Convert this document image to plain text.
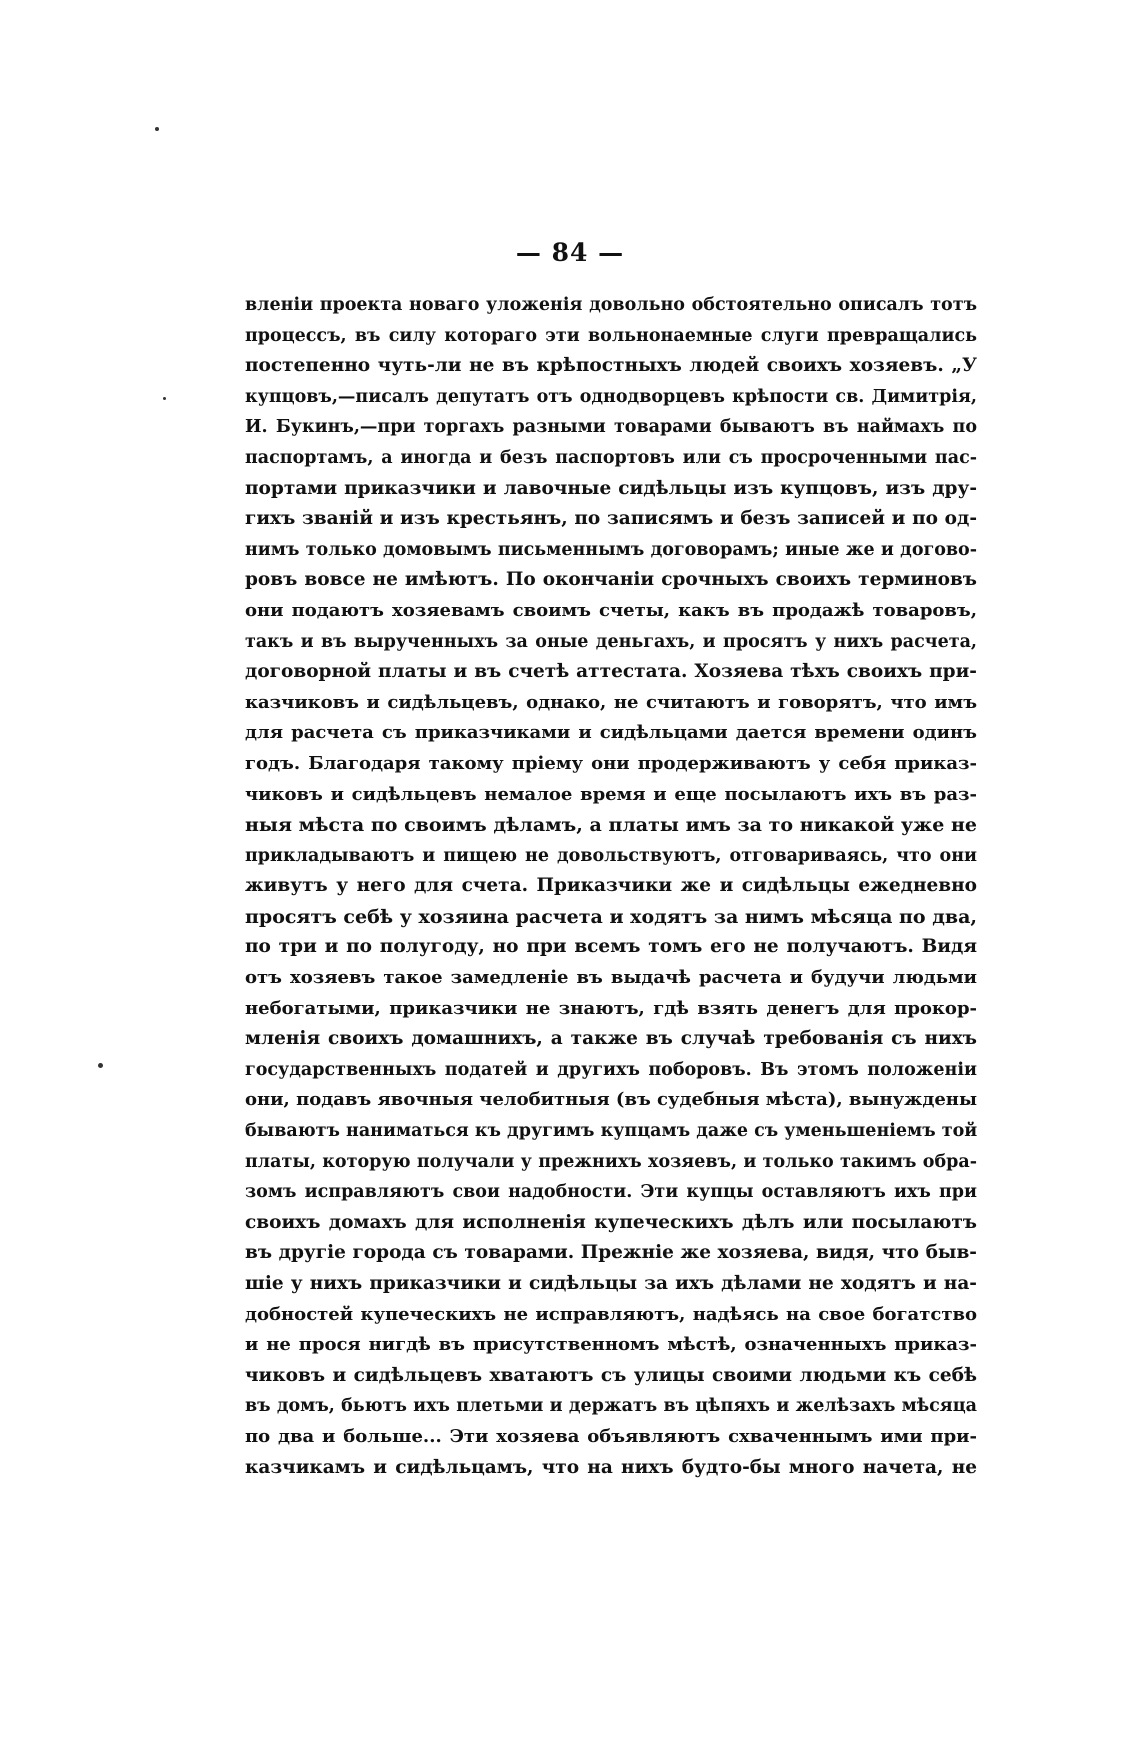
— 84 —
вленіи проекта новаго уложенія довольно обстоятельно описалъ тотъ
процессъ, въ силу котораго эти вольнонаемные слуги превращались
постепенно чуть-ли не въ крѣпостныхъ людей своихъ хозяевъ. „У
купцовъ,—писалъ депутатъ отъ однодворцевъ крѣпости св. Димитрія,
И. Букинъ,—при торгахъ разными товарами бываютъ въ наймахъ по
паспортамъ, а иногда и безъ паспортовъ или съ просроченными пас-
портами приказчики и лавочные сидѣльцы изъ купцовъ, изъ дру-
гихъ званій и изъ крестьянъ, по записямъ и безъ записей и по од-
нимъ только домовымъ письменнымъ договорамъ; иные же и догово-
ровъ вовсе не имѣютъ. По окончаніи срочныхъ своихъ терминовъ
они подаютъ хозяевамъ своимъ счеты, какъ въ продажѣ товаровъ,
такъ и въ вырученныхъ за оные деньгахъ, и просятъ у нихъ расчета,
договорной платы и въ счетѣ аттестата. Хозяева тѣхъ своихъ при-
казчиковъ и сидѣльцевъ, однако, не считаютъ и говорятъ, что имъ
для расчета съ приказчиками и сидѣльцами дается времени одинъ
годъ. Благодаря такому пріему они продерживаютъ у себя приказ-
чиковъ и сидѣльцевъ немалое время и еще посылаютъ ихъ въ раз-
ныя мѣста по своимъ дѣламъ, а платы имъ за то никакой уже не
прикладываютъ и пищею не довольствуютъ, отговариваясь, что они
живутъ у него для счета. Приказчики же и сидѣльцы ежедневно
просятъ себѣ у хозяина расчета и ходятъ за нимъ мѣсяца по два,
по три и по полугоду, но при всемъ томъ его не получаютъ. Видя
отъ хозяевъ такое замедленіе въ выдачѣ расчета и будучи людьми
небогатыми, приказчики не знаютъ, гдѣ взять денегъ для прокор-
мленія своихъ домашнихъ, а также въ случаѣ требованія съ нихъ
государственныхъ податей и другихъ поборовъ. Въ этомъ положеніи
они, подавъ явочныя челобитныя (въ судебныя мѣста), вынуждены
бываютъ наниматься къ другимъ купцамъ даже съ уменьшеніемъ той
платы, которую получали у прежнихъ хозяевъ, и только такимъ обра-
зомъ исправляютъ свои надобности. Эти купцы оставляютъ ихъ при
своихъ домахъ для исполненія купеческихъ дѣлъ или посылаютъ
въ другіе города съ товарами. Прежніе же хозяева, видя, что быв-
шіе у нихъ приказчики и сидѣльцы за ихъ дѣлами не ходятъ и на-
добностей купеческихъ не исправляютъ, надѣясь на свое богатство
и не прося нигдѣ въ присутственномъ мѣстѣ, означенныхъ приказ-
чиковъ и сидѣльцевъ хватаютъ съ улицы своими людьми къ себѣ
въ домъ, бьютъ ихъ плетьми и держатъ въ цѣпяхъ и желѣзахъ мѣсяца
по два и больше... Эти хозяева объявляютъ схваченнымъ ими при-
казчикамъ и сидѣльцамъ, что на нихъ будто-бы много начета, не
